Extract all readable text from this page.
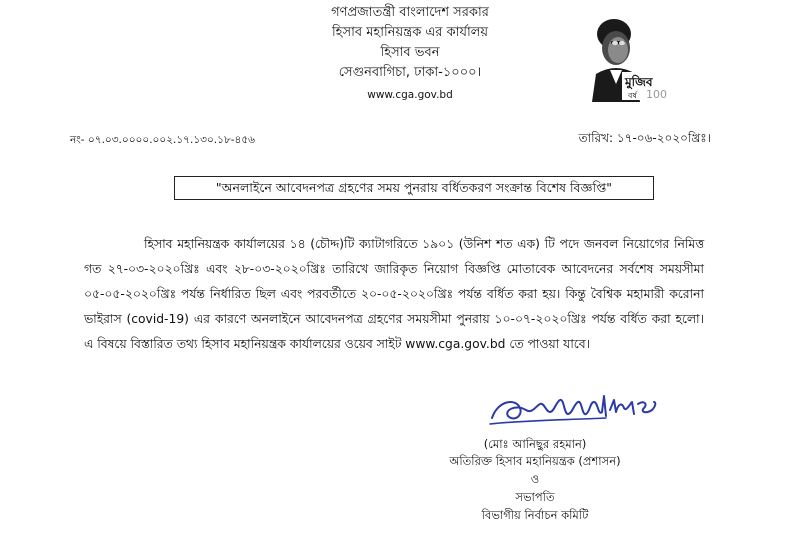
গণপ্রজাতন্ত্রী বাংলাদেশ সরকার
হিসাব মহানিয়ন্ত্রক এর কার্যালয়
হিসাব ভবন
সেগুনবাগিচা, ঢাকা-১০০০।
www.cga.gov.bd
মুজিব
বর্ষ 100
নং- ০৭.০৩.০০০০.০০২.১৭.১৩০.১৮-৪৫৬	তারিখ: ১৭-০৬-২০২০খ্রিঃ।
"অনলাইনে আবেদনপত্র গ্রহণের সময় পুনরায় বর্ধিতকরণ সংক্রান্ত বিশেষ বিজ্ঞপ্তি"

হিসাব মহানিয়ন্ত্রক কার্যালয়ের ১৪ (চৌদ্দ)টি ক্যাটাগরিতে ১৯০১ (উনিশ শত এক) টি পদে জনবল নিয়োগের নিমিত্ত গত ২৭-০৩-২০২০খ্রিঃ এবং ২৮-০৩-২০২০খ্রিঃ তারিখে জারিকৃত নিয়োগ বিজ্ঞপ্তি মোতাবেক আবেদনের সর্বশেষ সময়সীমা ০৫-০৫-২০২০খ্রিঃ পর্যন্ত নির্ধারিত ছিল এবং পরবর্তীতে ২০-০৫-২০২০খ্রিঃ পর্যন্ত বর্ধিত করা হয়। কিন্তু বৈশ্বিক মহামারী করোনা ভাইরাস (covid-19) এর কারণে অনলাইনে আবেদনপত্র গ্রহণের সময়সীমা পুনরায় ১০-০৭-২০২০খ্রিঃ পর্যন্ত বর্ধিত করা হলো। এ বিষয়ে বিস্তারিত তথ্য হিসাব মহানিয়ন্ত্রক কার্যালয়ের ওয়েব সাইট www.cga.gov.bd তে পাওয়া যাবে।

(মোঃ আনিছুর রহমান)
অতিরিক্ত হিসাব মহানিয়ন্ত্রক (প্রশাসন)
ও
সভাপতি
বিভাগীয় নির্বাচন কমিটি
